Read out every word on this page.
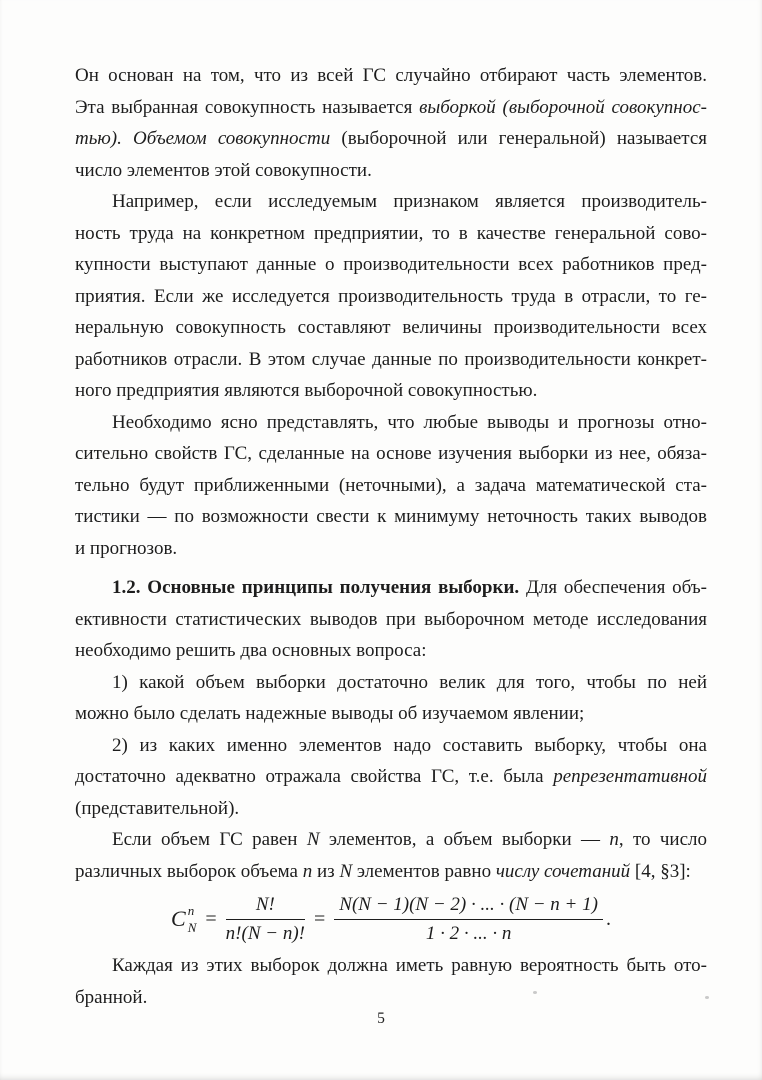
Он основан на том, что из всей ГС случайно отбирают часть элементов.
Эта выбранная совокупность называется выборкой (выборочной совокупнос-
тью). Объемом совокупности (выборочной или генеральной) называется
число элементов этой совокупности.
Например, если исследуемым признаком является производитель-
ность труда на конкретном предприятии, то в качестве генеральной сово-
купности выступают данные о производительности всех работников пред-
приятия. Если же исследуется производительность труда в отрасли, то ге-
неральную совокупность составляют величины производительности всех
работников отрасли. В этом случае данные по производительности конкрет-
ного предприятия являются выборочной совокупностью.
Необходимо ясно представлять, что любые выводы и прогнозы отно-
сительно свойств ГС, сделанные на основе изучения выборки из нее, обяза-
тельно будут приближенными (неточными), а задача математической ста-
тистики — по возможности свести к минимуму неточность таких выводов
и прогнозов.
1.2. Основные принципы получения выборки. Для обеспечения объ-
ективности статистических выводов при выборочном методе исследования
необходимо решить два основных вопроса:
1) какой объем выборки достаточно велик для того, чтобы по ней
можно было сделать надежные выводы об изучаемом явлении;
2) из каких именно элементов надо составить выборку, чтобы она
достаточно адекватно отражала свойства ГС, т.е. была репрезентативной
(представительной).
Если объем ГС равен N элементов, а объем выборки — n, то число
различных выборок объема n из N элементов равно числу сочетаний [4, §3]:
C n
$N = \frac{N!}{n!(N - n)!} = \frac{N(N - 1)(N - 2) \cdot ... \cdot (N - n + 1)}{1 \cdot 2 \cdot ... \cdot n}$ .
Каждая из этих выборок должна иметь равную вероятность быть ото-
бранной.
5
